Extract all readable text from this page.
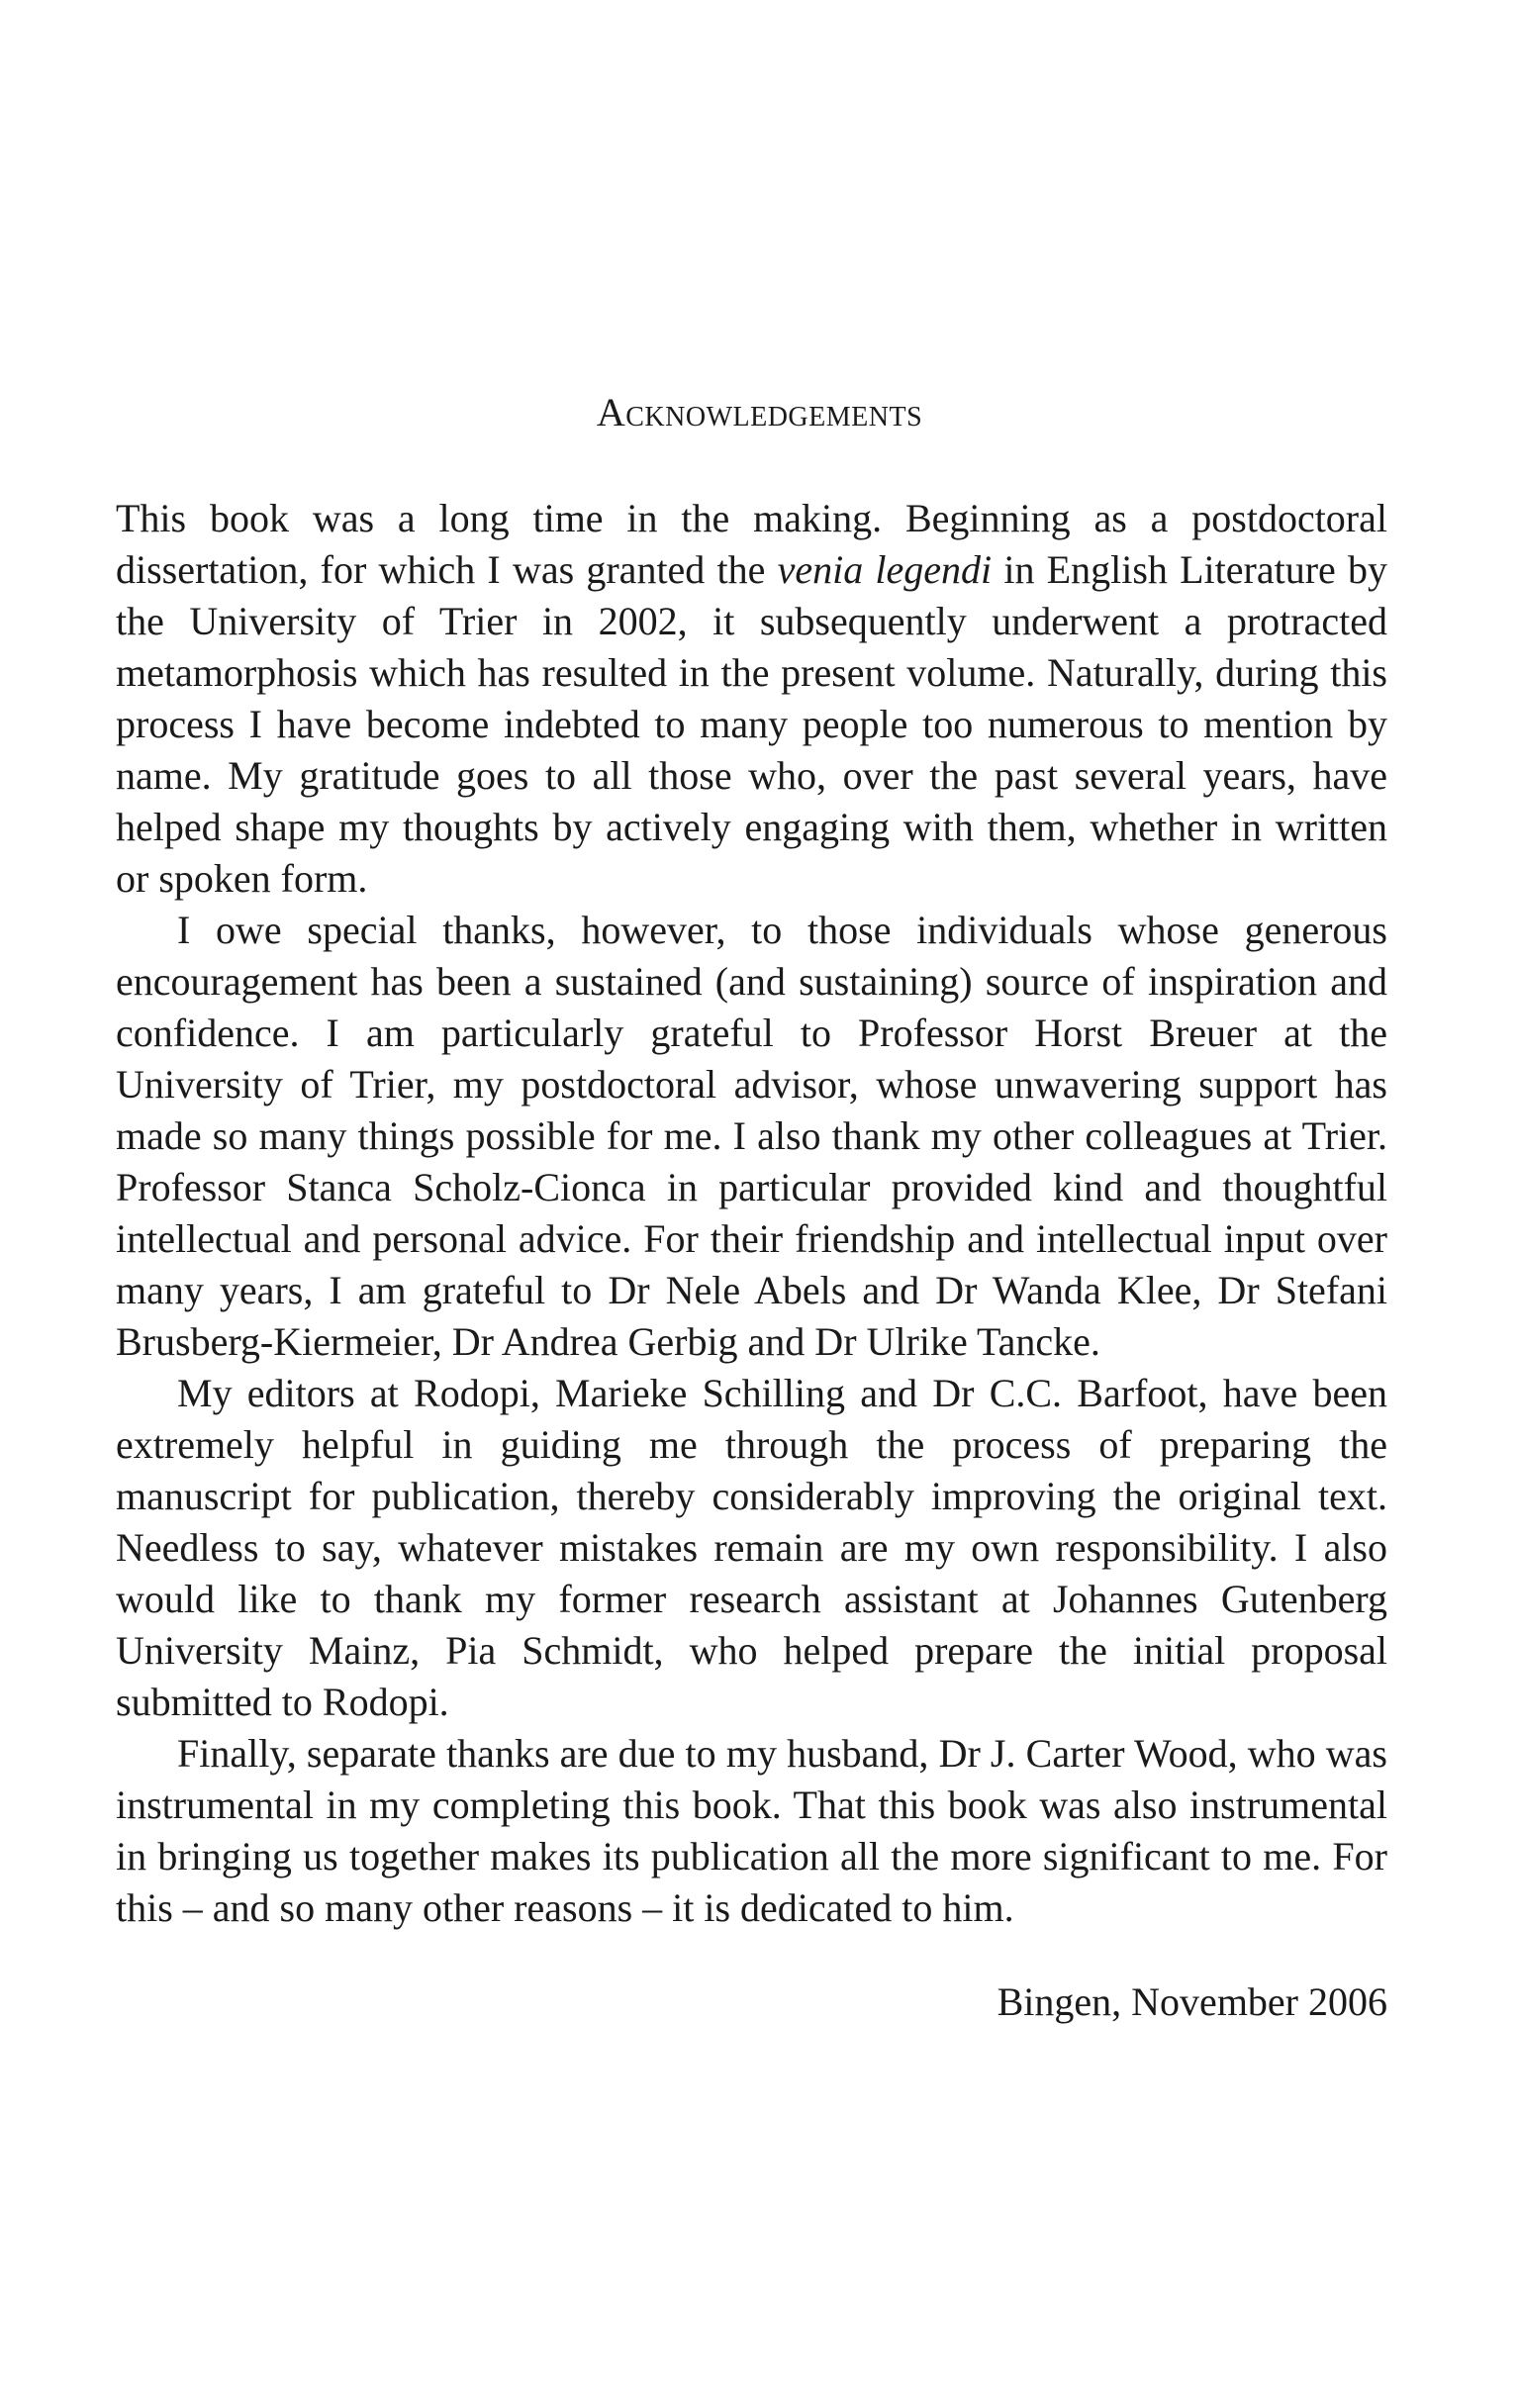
Acknowledgements

This book was a long time in the making. Beginning as a postdoctoral dissertation, for which I was granted the venia legendi in English Literature by the University of Trier in 2002, it subsequently underwent a protracted metamorphosis which has resulted in the present volume. Naturally, during this process I have become indebted to many people too numerous to mention by name. My gratitude goes to all those who, over the past several years, have helped shape my thoughts by actively engaging with them, whether in written or spoken form.

I owe special thanks, however, to those individuals whose generous encouragement has been a sustained (and sustaining) source of inspiration and confidence. I am particularly grateful to Professor Horst Breuer at the University of Trier, my postdoctoral advisor, whose unwavering support has made so many things possible for me. I also thank my other colleagues at Trier. Professor Stanca Scholz-Cionca in particular provided kind and thoughtful intellectual and personal advice. For their friendship and intellectual input over many years, I am grateful to Dr Nele Abels and Dr Wanda Klee, Dr Stefani Brusberg-Kiermeier, Dr Andrea Gerbig and Dr Ulrike Tancke.

My editors at Rodopi, Marieke Schilling and Dr C.C. Barfoot, have been extremely helpful in guiding me through the process of preparing the manuscript for publication, thereby considerably improving the original text. Needless to say, whatever mistakes remain are my own responsibility. I also would like to thank my former research assistant at Johannes Gutenberg University Mainz, Pia Schmidt, who helped prepare the initial proposal submitted to Rodopi.

Finally, separate thanks are due to my husband, Dr J. Carter Wood, who was instrumental in my completing this book. That this book was also instrumental in bringing us together makes its publication all the more significant to me. For this – and so many other reasons – it is dedicated to him.

Bingen, November 2006
